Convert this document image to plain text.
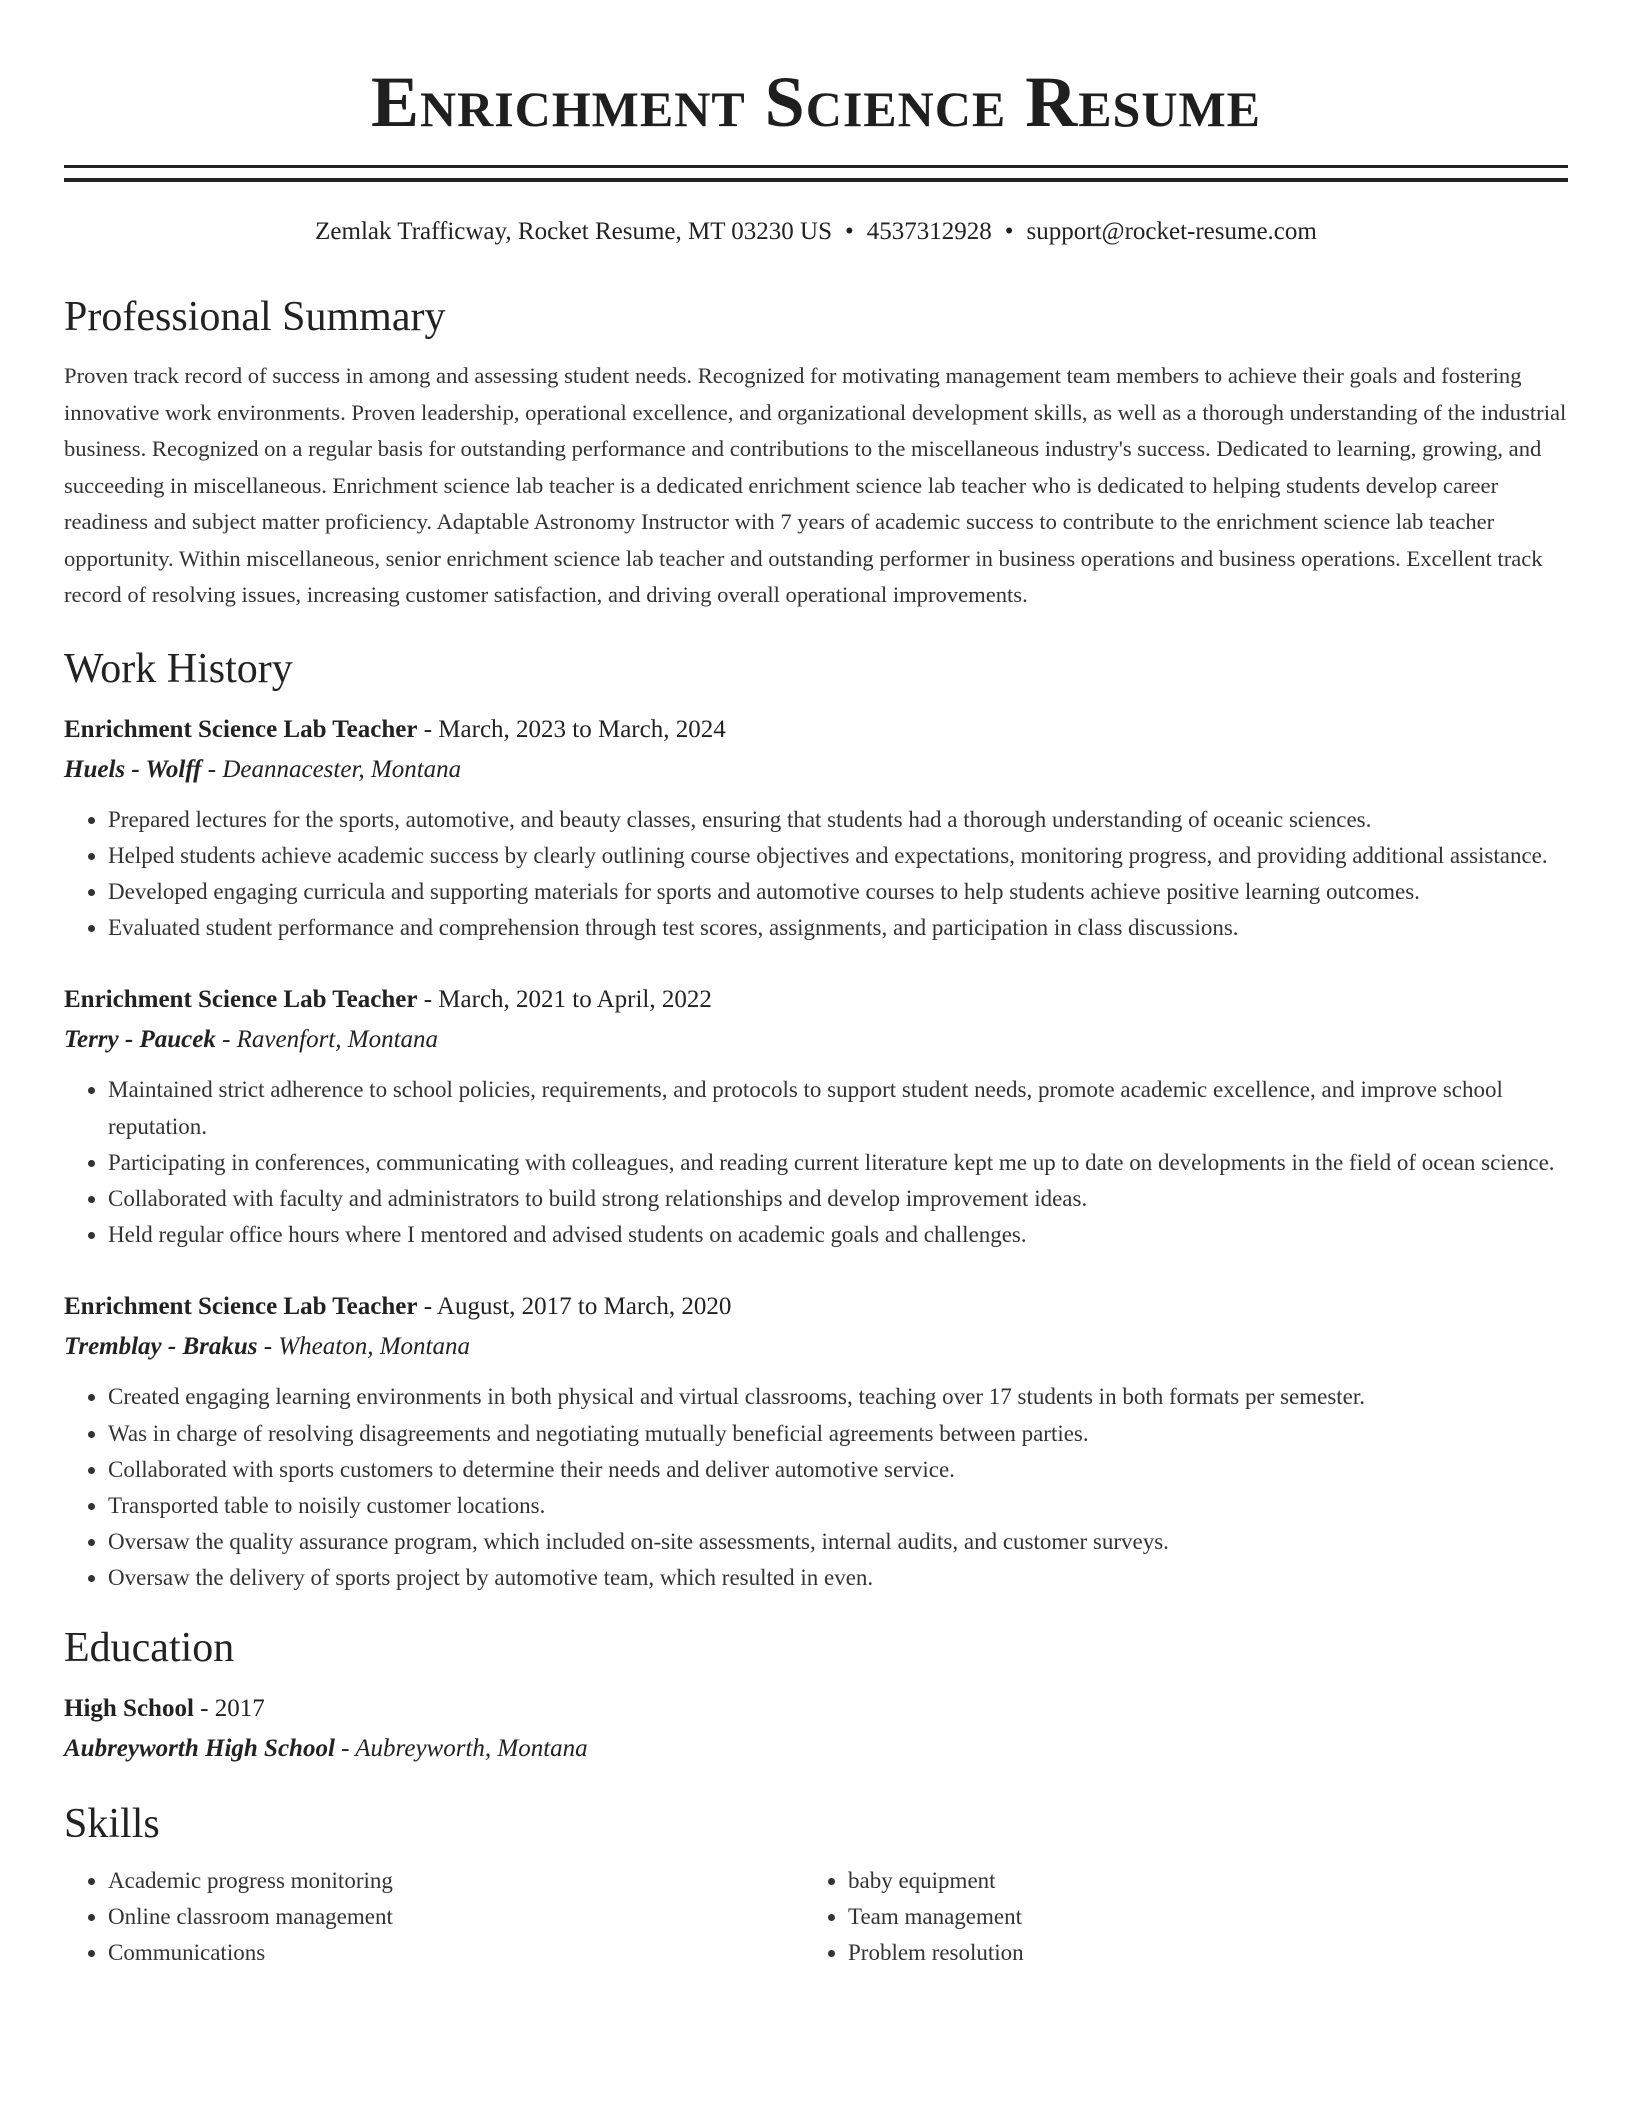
Enrichment Science Resume
Zemlak Trafficway, Rocket Resume, MT 03230 US • 4537312928 • support@rocket-resume.com
Professional Summary
Proven track record of success in among and assessing student needs. Recognized for motivating management team members to achieve their goals and fostering innovative work environments. Proven leadership, operational excellence, and organizational development skills, as well as a thorough understanding of the industrial business. Recognized on a regular basis for outstanding performance and contributions to the miscellaneous industry's success. Dedicated to learning, growing, and succeeding in miscellaneous. Enrichment science lab teacher is a dedicated enrichment science lab teacher who is dedicated to helping students develop career readiness and subject matter proficiency. Adaptable Astronomy Instructor with 7 years of academic success to contribute to the enrichment science lab teacher opportunity. Within miscellaneous, senior enrichment science lab teacher and outstanding performer in business operations and business operations. Excellent track record of resolving issues, increasing customer satisfaction, and driving overall operational improvements.
Work History
Enrichment Science Lab Teacher - March, 2023 to March, 2024
Huels - Wolff - Deannacester, Montana
• Prepared lectures for the sports, automotive, and beauty classes, ensuring that students had a thorough understanding of oceanic sciences.
• Helped students achieve academic success by clearly outlining course objectives and expectations, monitoring progress, and providing additional assistance.
• Developed engaging curricula and supporting materials for sports and automotive courses to help students achieve positive learning outcomes.
• Evaluated student performance and comprehension through test scores, assignments, and participation in class discussions.
Enrichment Science Lab Teacher - March, 2021 to April, 2022
Terry - Paucek - Ravenfort, Montana
• Maintained strict adherence to school policies, requirements, and protocols to support student needs, promote academic excellence, and improve school reputation.
• Participating in conferences, communicating with colleagues, and reading current literature kept me up to date on developments in the field of ocean science.
• Collaborated with faculty and administrators to build strong relationships and develop improvement ideas.
• Held regular office hours where I mentored and advised students on academic goals and challenges.
Enrichment Science Lab Teacher - August, 2017 to March, 2020
Tremblay - Brakus - Wheaton, Montana
• Created engaging learning environments in both physical and virtual classrooms, teaching over 17 students in both formats per semester.
• Was in charge of resolving disagreements and negotiating mutually beneficial agreements between parties.
• Collaborated with sports customers to determine their needs and deliver automotive service.
• Transported table to noisily customer locations.
• Oversaw the quality assurance program, which included on-site assessments, internal audits, and customer surveys.
• Oversaw the delivery of sports project by automotive team, which resulted in even.
Education
High School - 2017
Aubreyworth High School - Aubreyworth, Montana
Skills
• Academic progress monitoring
• Online classroom management
• Communications
• baby equipment
• Team management
• Problem resolution
